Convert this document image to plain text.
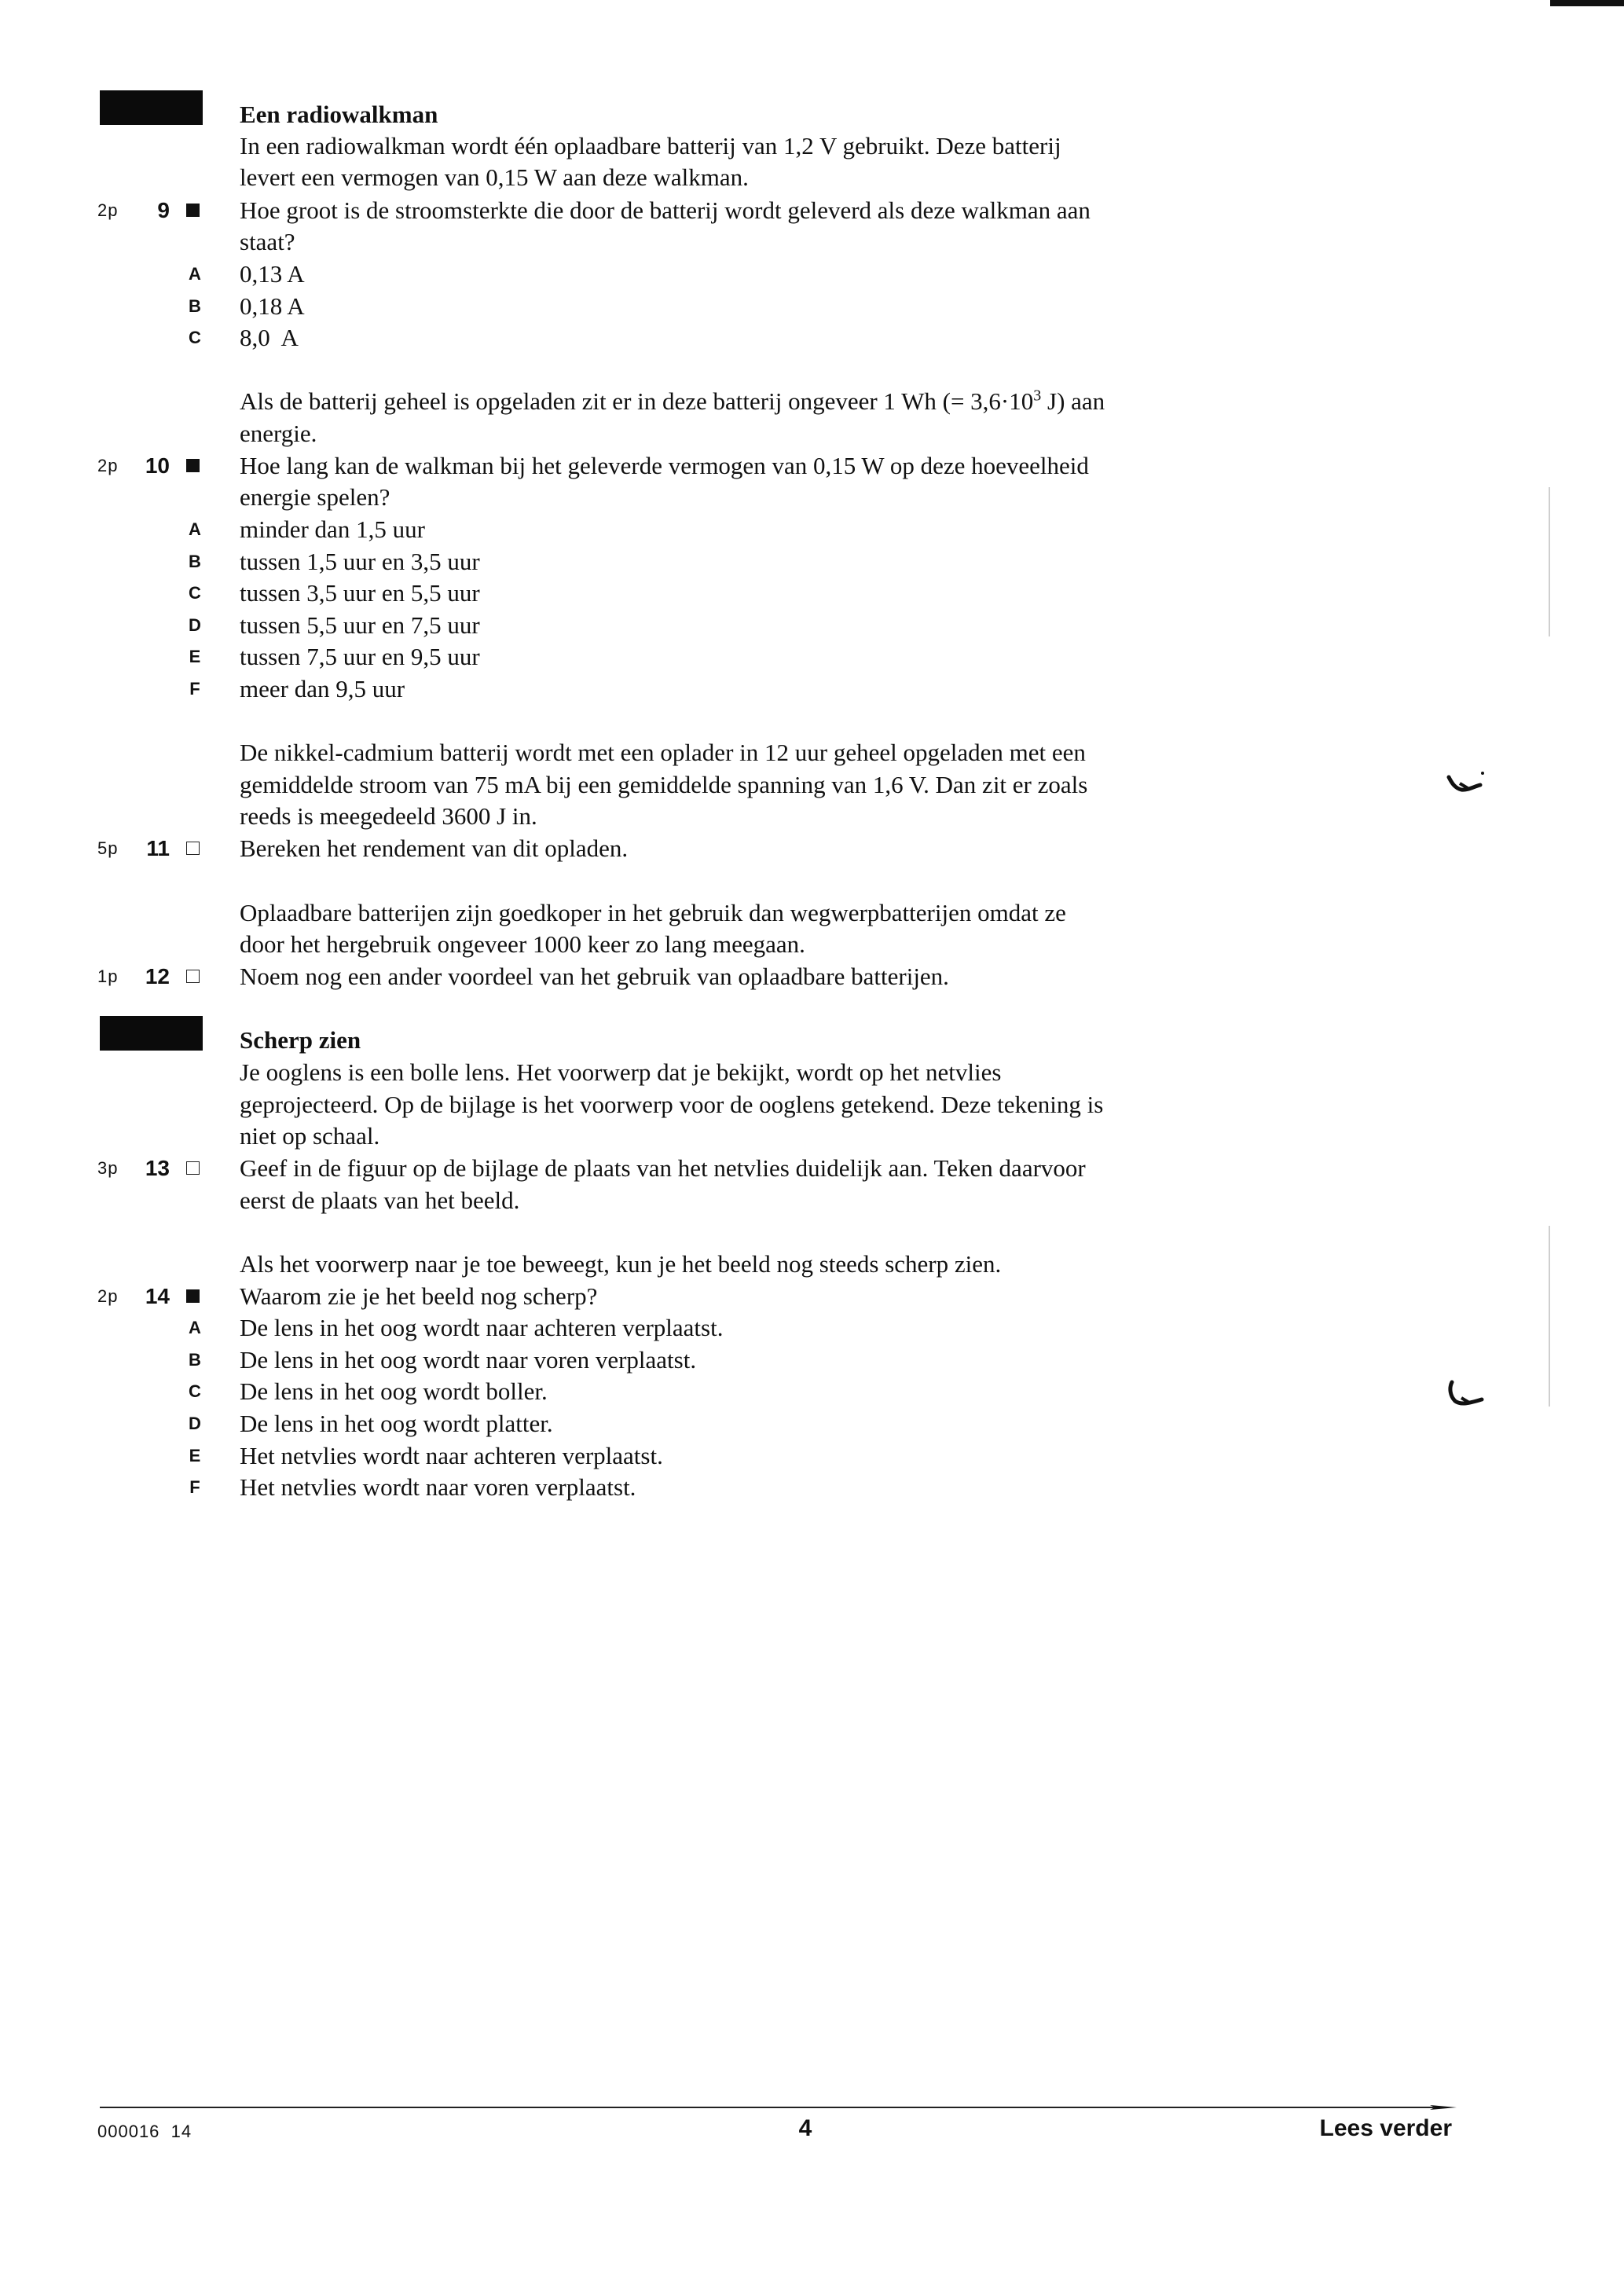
Een radiowalkman
In een radiowalkman wordt één oplaadbare batterij van 1,2 V gebruikt. Deze batterij
levert een vermogen van 0,15 W aan deze walkman.
2p	9	Hoe groot is de stroomsterkte die door de batterij wordt geleverd als deze walkman aan
staat?
A 0,13 A
B 0,18 A
C 8,0  A
Als de batterij geheel is opgeladen zit er in deze batterij ongeveer 1 Wh (= $3,6\cdot 10^3$ J) aan
energie.
2p	10	Hoe lang kan de walkman bij het geleverde vermogen van 0,15 W op deze hoeveelheid
energie spelen?
A minder dan 1,5 uur
B tussen 1,5 uur en 3,5 uur
C tussen 3,5 uur en 5,5 uur
D tussen 5,5 uur en 7,5 uur
E tussen 7,5 uur en 9,5 uur
F meer dan 9,5 uur
De nikkel-cadmium batterij wordt met een oplader in 12 uur geheel opgeladen met een
gemiddelde stroom van 75 mA bij een gemiddelde spanning van 1,6 V. Dan zit er zoals
reeds is meegedeeld 3600 J in.
5p	11	Bereken het rendement van dit opladen.
Oplaadbare batterijen zijn goedkoper in het gebruik dan wegwerpbatterijen omdat ze
door het hergebruik ongeveer 1000 keer zo lang meegaan.
1p	12	Noem nog een ander voordeel van het gebruik van oplaadbare batterijen.
Scherp zien
Je ooglens is een bolle lens. Het voorwerp dat je bekijkt, wordt op het netvlies
geprojecteerd. Op de bijlage is het voorwerp voor de ooglens getekend. Deze tekening is
niet op schaal.
3p	13	Geef in de figuur op de bijlage de plaats van het netvlies duidelijk aan. Teken daarvoor
eerst de plaats van het beeld.
Als het voorwerp naar je toe beweegt, kun je het beeld nog steeds scherp zien.
2p	14	Waarom zie je het beeld nog scherp?
A De lens in het oog wordt naar achteren verplaatst.
B De lens in het oog wordt naar voren verplaatst.
C De lens in het oog wordt boller.
D De lens in het oog wordt platter.
E Het netvlies wordt naar achteren verplaatst.
F Het netvlies wordt naar voren verplaatst.
000016  14	4	Lees verder
